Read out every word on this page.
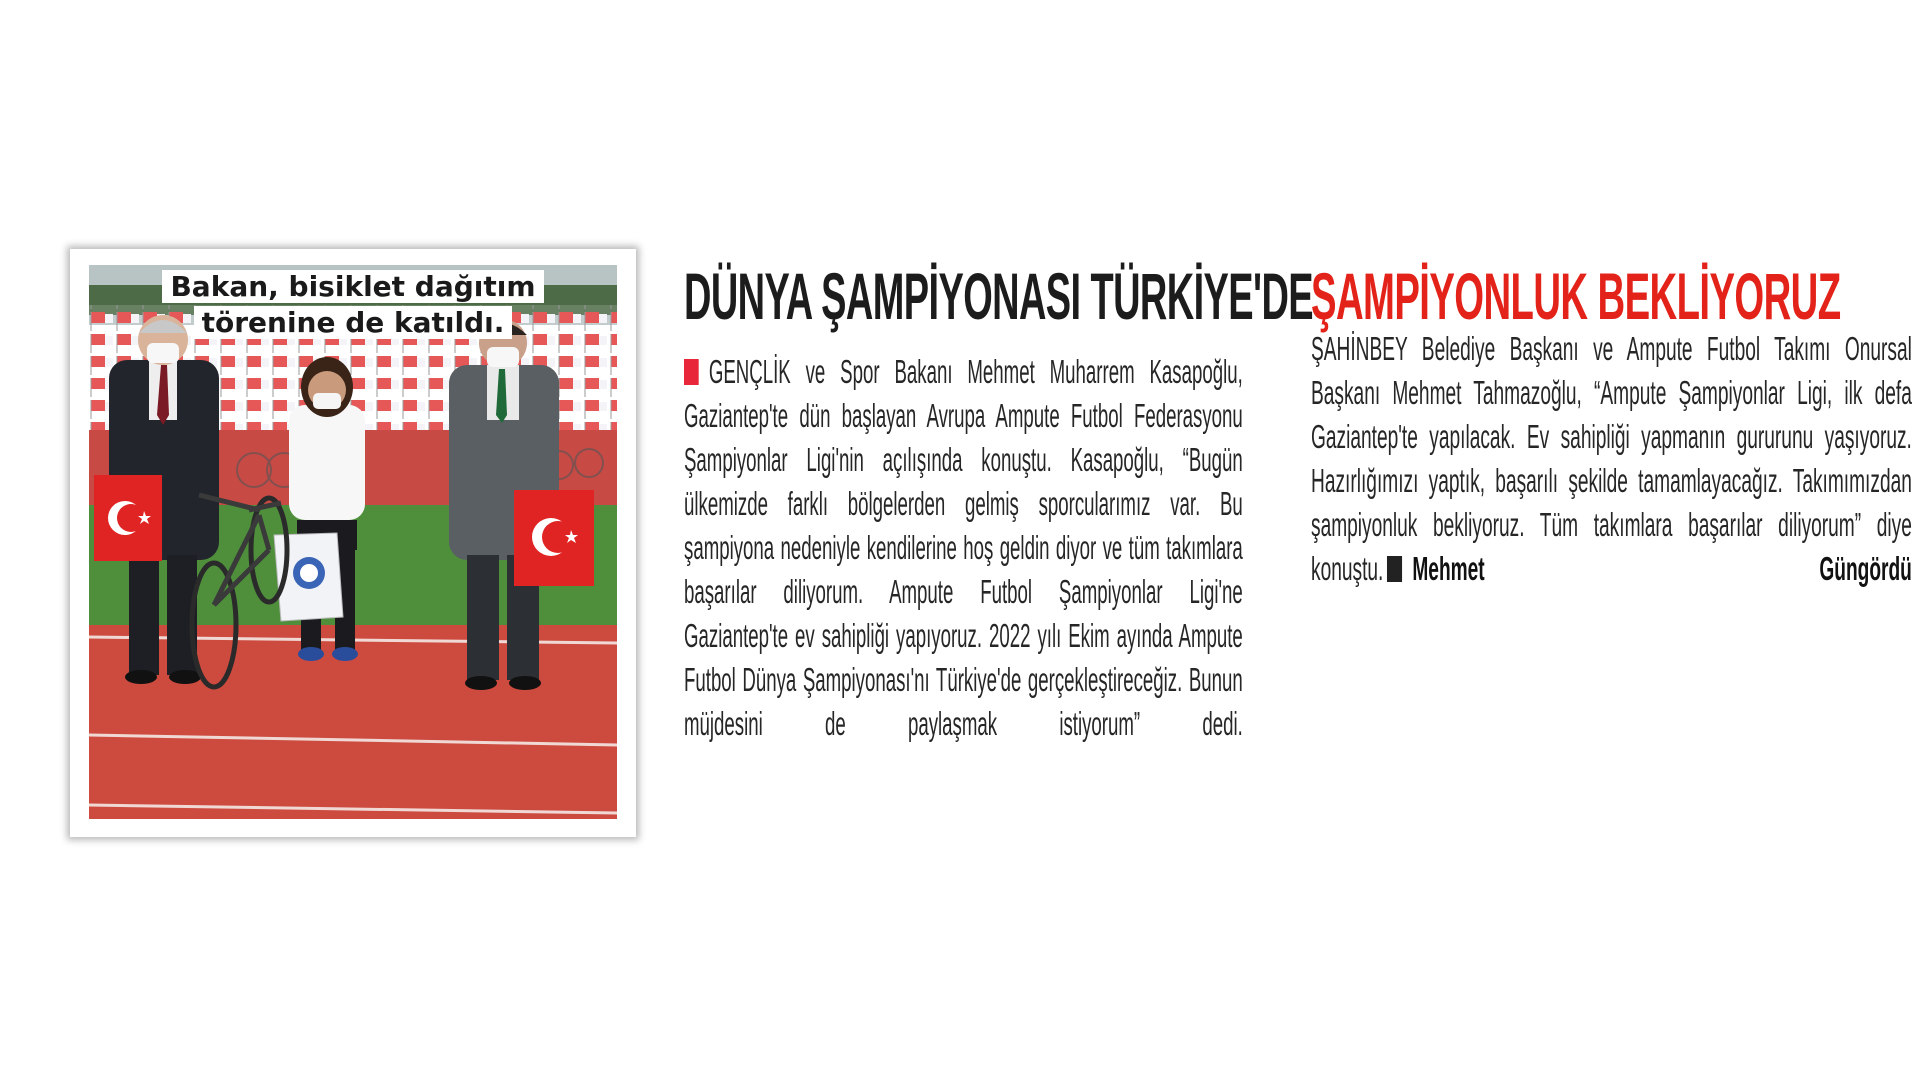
Bakan, bisiklet dağıtım
törenine de katıldı.	DÜNYA ŞAMPİYONASI TÜRKİYE'DE

GENÇLİK ve Spor Bakanı Mehmet Muharrem Kasapoğlu, Gaziantep'te dün başlayan Avrupa Ampute Futbol Federasyonu Şampiyonlar Ligi'nin açılışında konuştu. Kasapoğlu, “Bugün ülkemizde farklı bölgelerden gelmiş sporcularımız var. Bu şampiyona nedeniyle kendilerine hoş geldin diyor ve tüm takımlara başarılar diliyorum. Ampute Futbol Şampiyonlar Ligi'ne Gaziantep'te ev sahipliği yapıyoruz. 2022 yılı Ekim ayında Ampute Futbol Dünya Şampiyonası'nı Türkiye'de gerçekleştireceğiz. Bunun müjdesini de paylaşmak istiyorum” dedi.

ŞAMPİYONLUK BEKLİYORUZ

ŞAHİNBEY Belediye Başkanı ve Ampute Futbol Takımı Onursal Başkanı Mehmet Tahmazoğlu, “Ampute Şampiyonlar Ligi, ilk defa Gaziantep'te yapılacak. Ev sahipliği yapmanın gururunu yaşıyoruz. Hazırlığımızı yaptık, başarılı şekilde tamamlayacağız. Takımımızdan şampiyonluk bekliyoruz. Tüm takımlara başarılar diliyorum” diye konuştu. Mehmet Güngördü
